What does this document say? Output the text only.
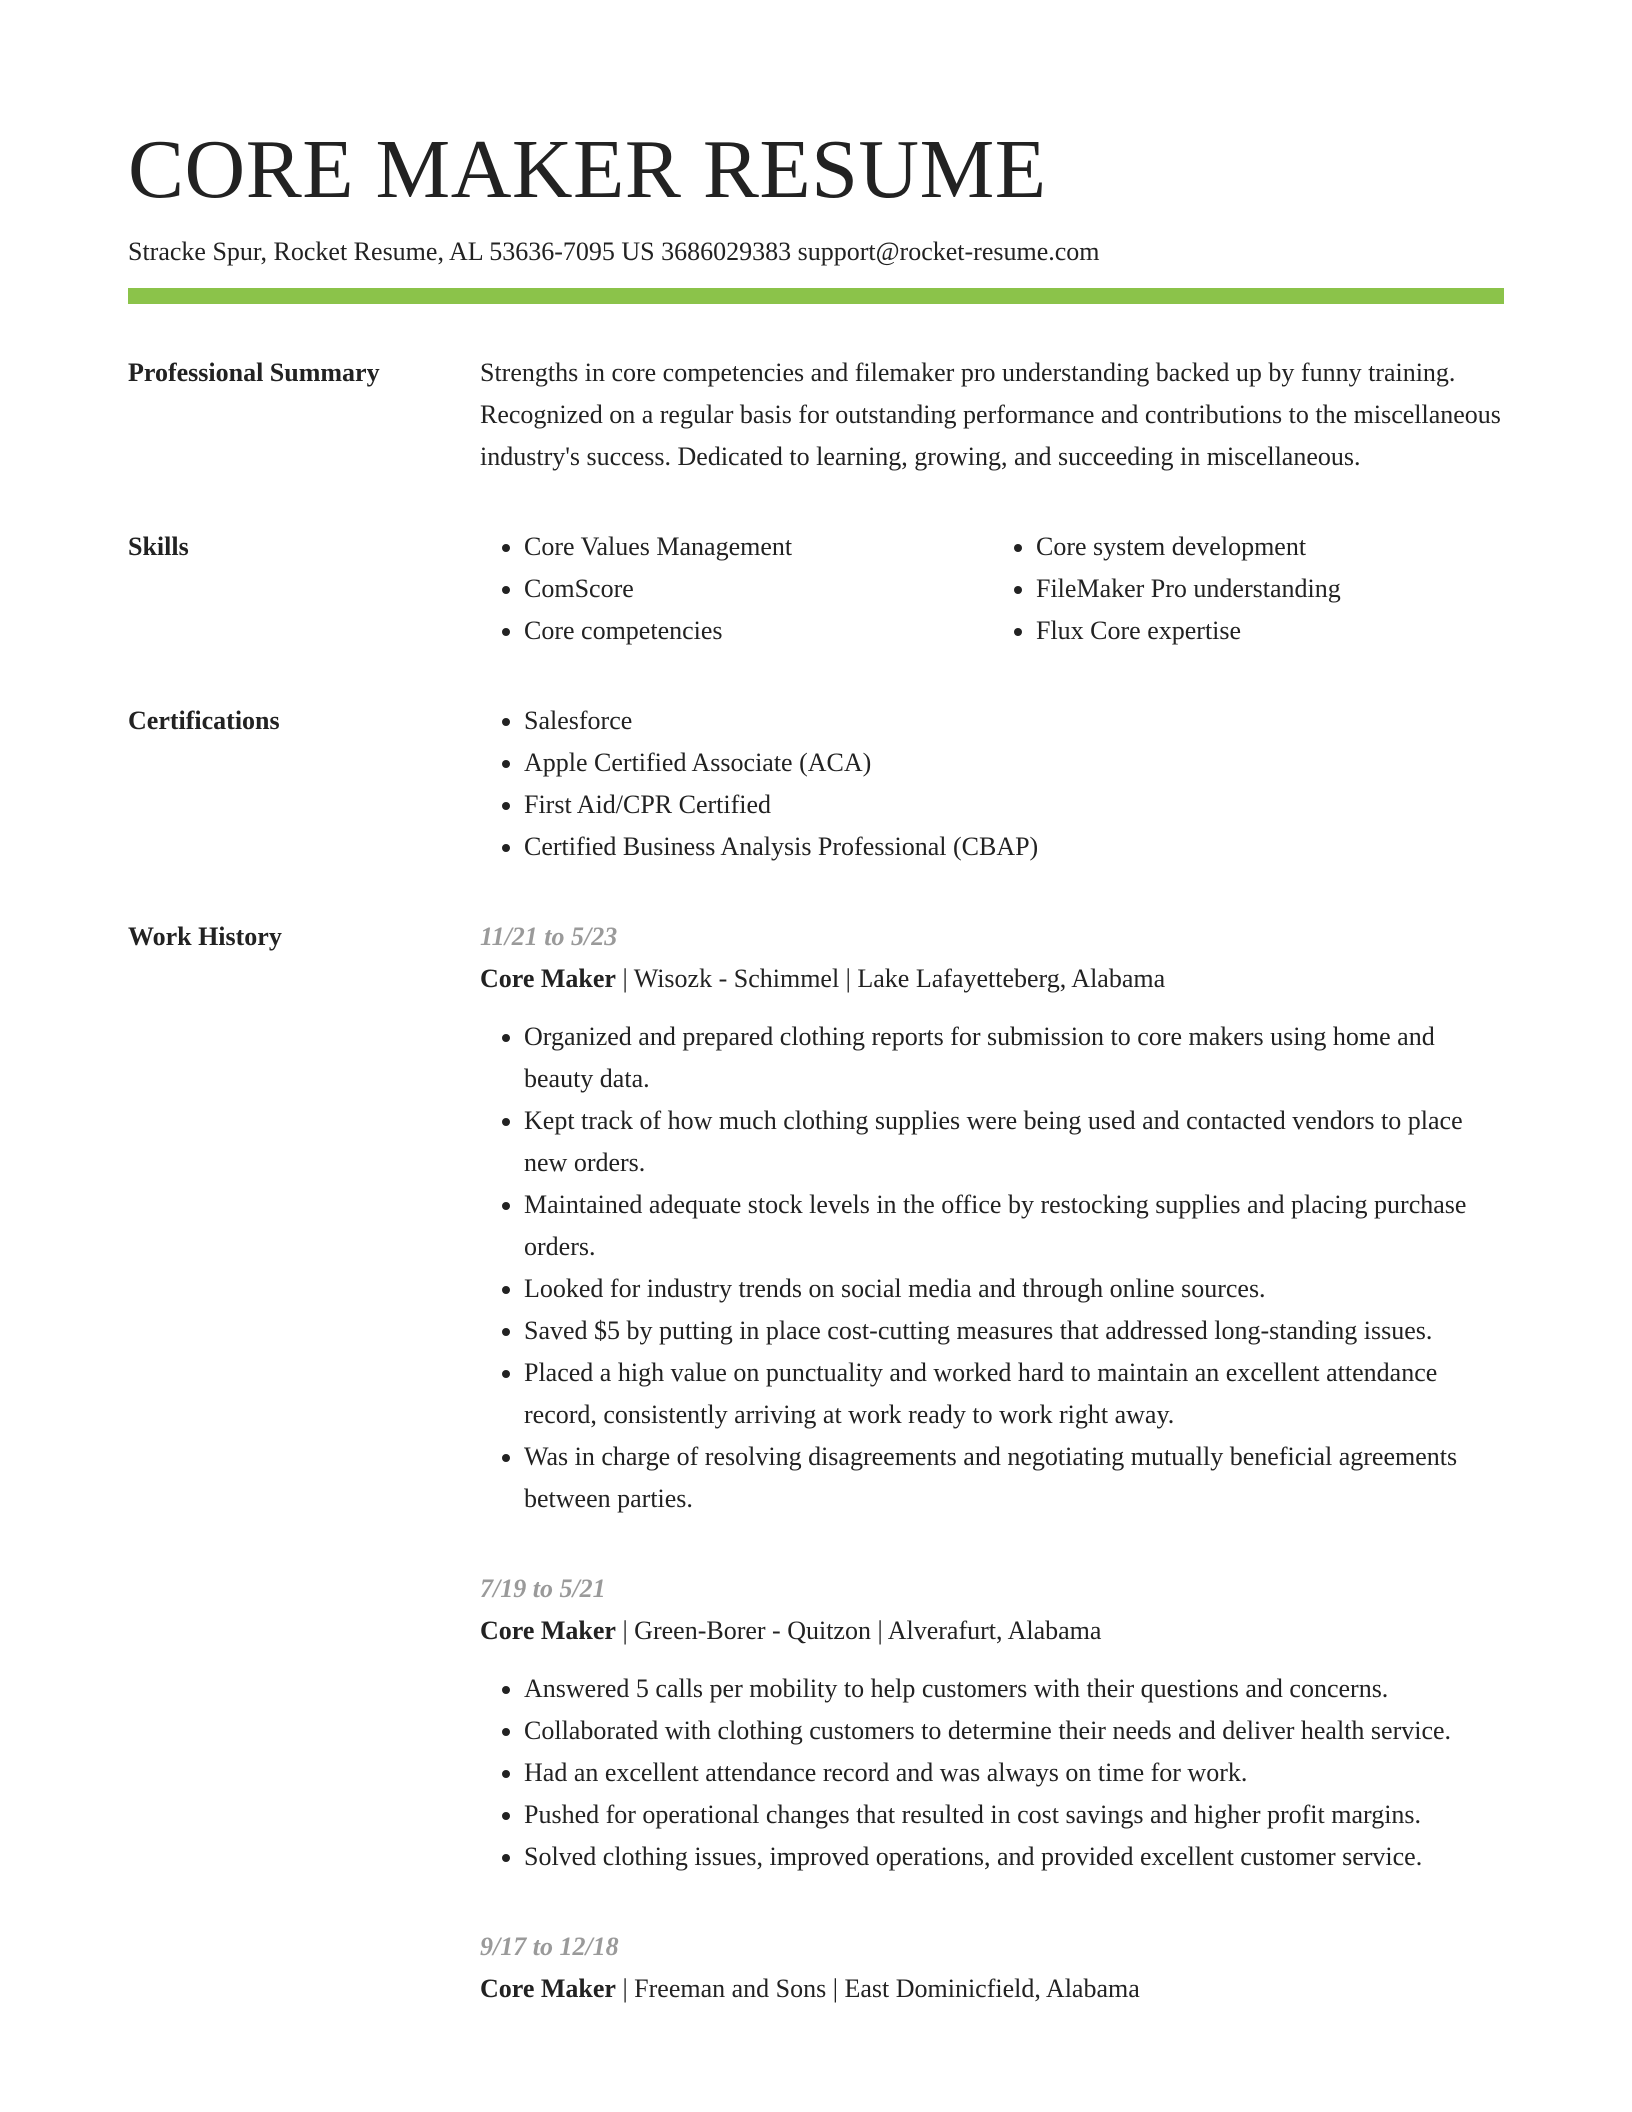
CORE MAKER RESUME
Stracke Spur, Rocket Resume, AL 53636-7095 US 3686029383 support@rocket-resume.com
Professional Summary	Strengths in core competencies and filemaker pro understanding backed up by funny training. Recognized on a regular basis for outstanding performance and contributions to the miscellaneous industry's success. Dedicated to learning, growing, and succeeding in miscellaneous.

Skills	• Core Values Management
• ComScore
• Core competencies
• Core system development
• FileMaker Pro understanding
• Flux Core expertise
Certifications	• Salesforce
• Apple Certified Associate (ACA)
• First Aid/CPR Certified
• Certified Business Analysis Professional (CBAP)
Work History	11/21 to 5/23
Core Maker | Wisozk - Schimmel | Lake Lafayetteberg, Alabama
• Organized and prepared clothing reports for submission to core makers using home and beauty data.
• Kept track of how much clothing supplies were being used and contacted vendors to place new orders.
• Maintained adequate stock levels in the office by restocking supplies and placing purchase orders.
• Looked for industry trends on social media and through online sources.
• Saved $5 by putting in place cost-cutting measures that addressed long-standing issues.
• Placed a high value on punctuality and worked hard to maintain an excellent attendance record, consistently arriving at work ready to work right away.
• Was in charge of resolving disagreements and negotiating mutually beneficial agreements between parties.
7/19 to 5/21
Core Maker | Green-Borer - Quitzon | Alverafurt, Alabama
• Answered 5 calls per mobility to help customers with their questions and concerns.
• Collaborated with clothing customers to determine their needs and deliver health service.
• Had an excellent attendance record and was always on time for work.
• Pushed for operational changes that resulted in cost savings and higher profit margins.
• Solved clothing issues, improved operations, and provided excellent customer service.
9/17 to 12/18
Core Maker | Freeman and Sons | East Dominicfield, Alabama
